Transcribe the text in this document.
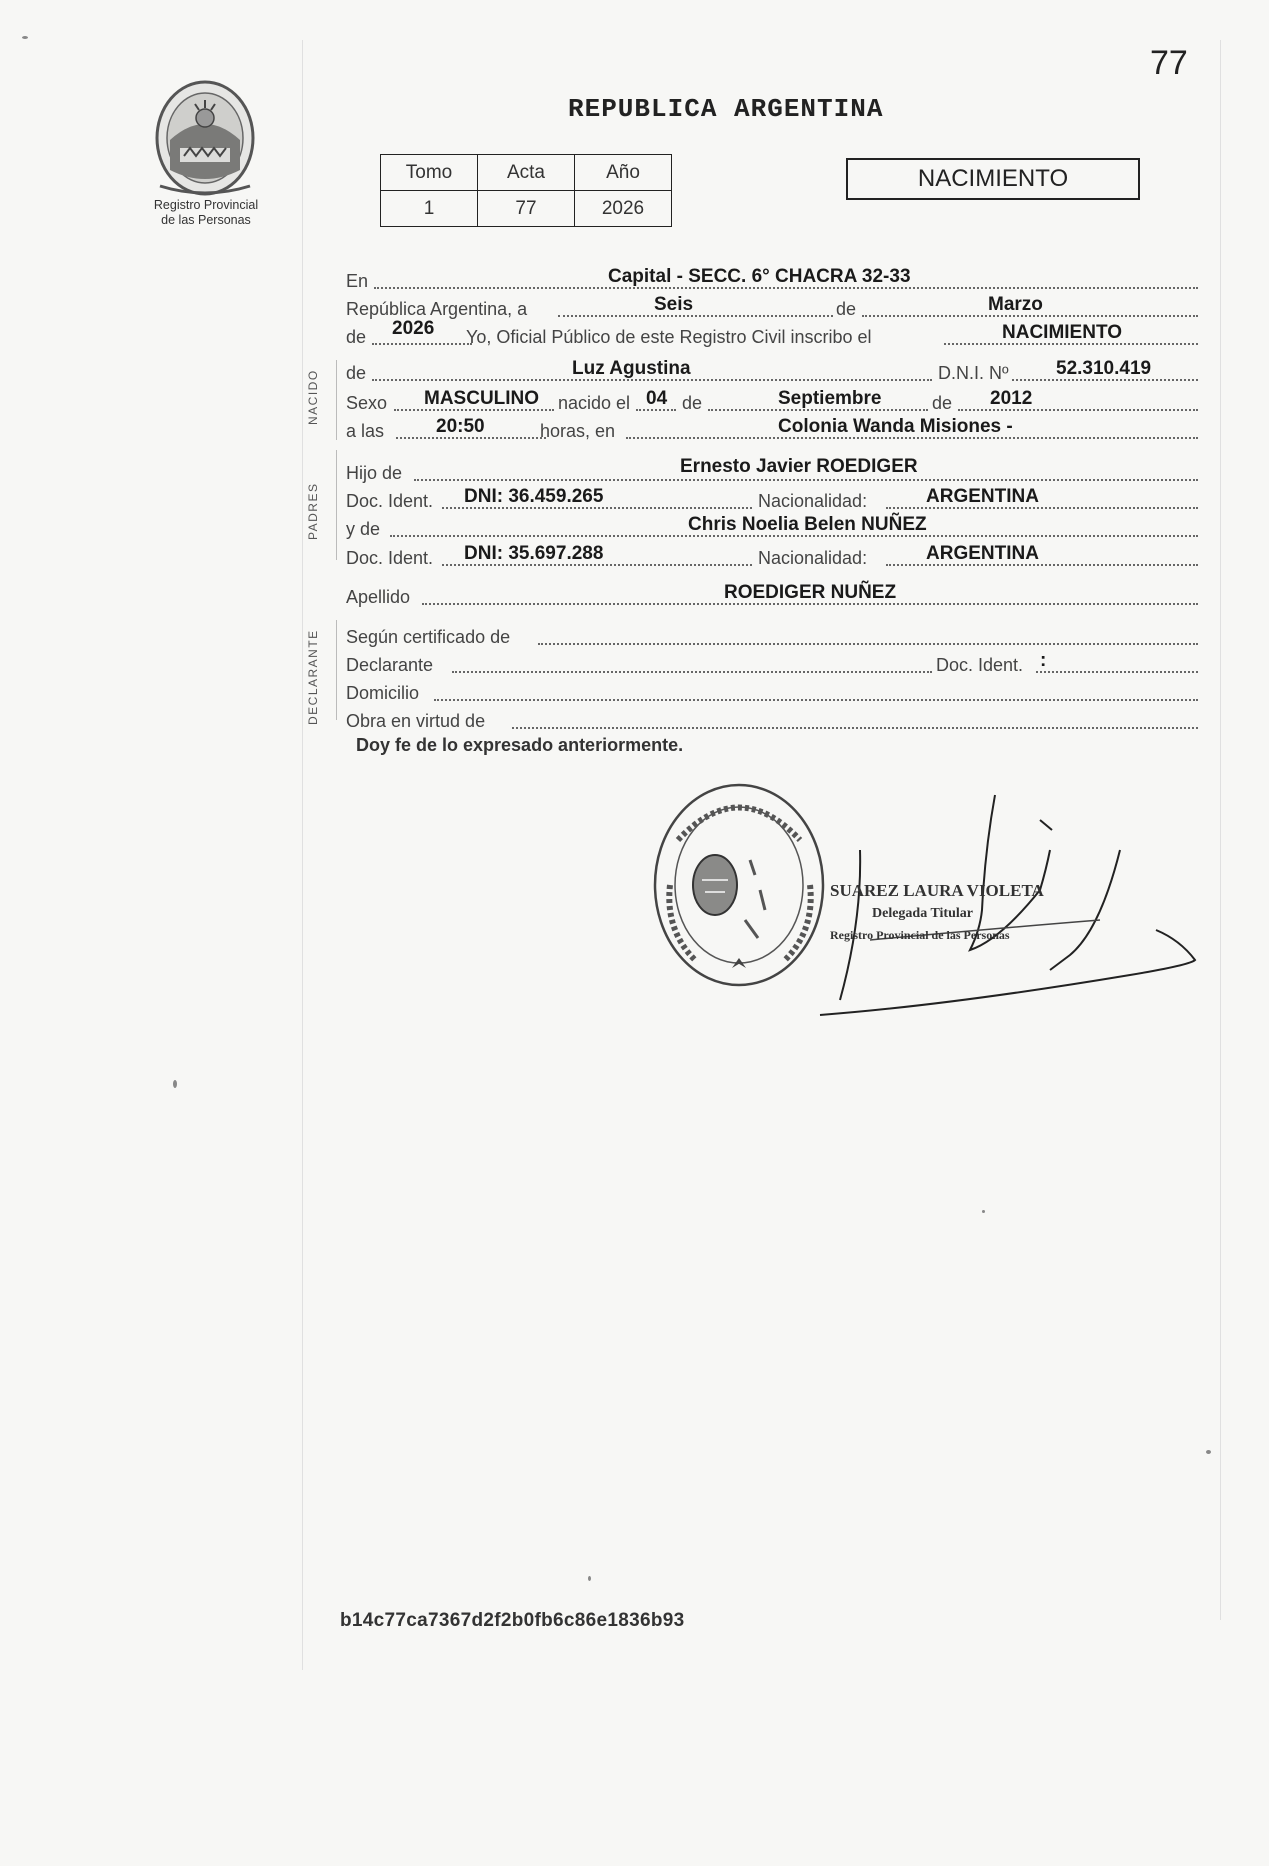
77
REPUBLICA ARGENTINA
Registro Provincial
de las Personas
Tomo	Acta	Año
1	77	2026
NACIMIENTO
NACIDO
PADRES
DECLARANTE
En	Capital - SECC. 6° CHACRA 32-33
República Argentina, a	Seis	de	Marzo
de 2026 Yo, Oficial Público de este Registro Civil inscribo el	NACIMIENTO
de	Luz Agustina	D.N.I. Nº 52.310.419
Sexo MASCULINO nacido el 04 de	Septiembre	de 2012
a las	20:50	horas, en	Colonia Wanda Misiones -
Hijo de	Ernesto Javier ROEDIGER
Doc. Ident. DNI: 36.459.265	Nacionalidad:	ARGENTINA
y de	Chris Noelia Belen NUÑEZ
Doc. Ident. DNI: 35.697.288	Nacionalidad:	ARGENTINA
Apellido	ROEDIGER NUÑEZ
Según certificado de
Declarante	Doc. Ident. :
Domicilio
Obra en virtud de
Doy fe de lo expresado anteriormente.
SUAREZ LAURA VIOLETA
Delegada Titular
Registro Provincial de las Personas
b14c77ca7367d2f2b0fb6c86e1836b93
